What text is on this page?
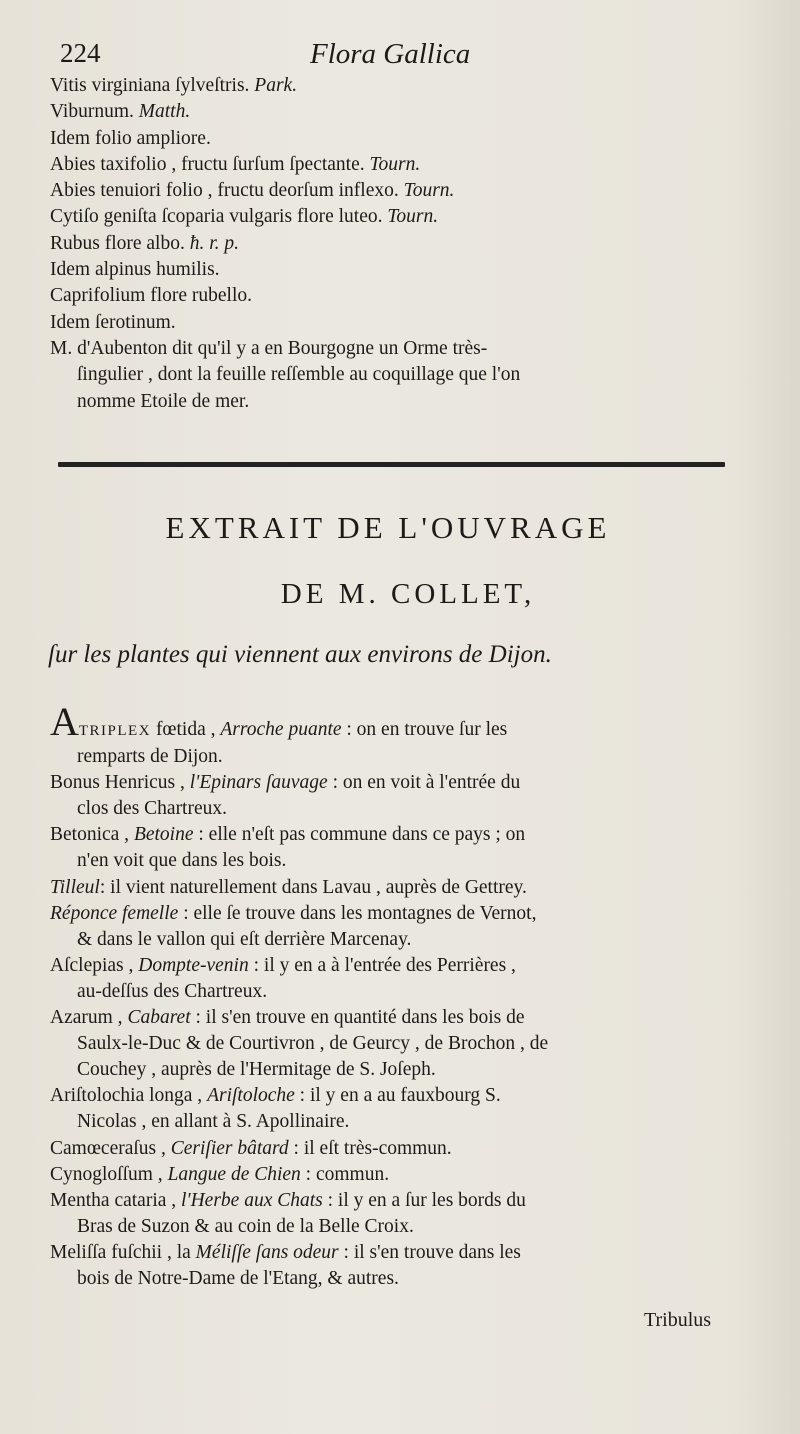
224	Flora Gallica
Vitis virginiana ſylveſtris. Park.
Viburnum. Matth.
Idem folio ampliore.
Abies taxifolio , fructu ſurſum ſpectante. Tourn.
Abies tenuiori folio , fructu deorſum inflexo. Tourn.
Cytiſo geniſta ſcoparia vulgaris flore luteo. Tourn.
Rubus flore albo. ħ. r. p.
Idem alpinus humilis.
Caprifolium flore rubello.
Idem ſerotinum.
M. d'Aubenton dit qu'il y a en Bourgogne un Orme très-
ſingulier , dont la feuille reſſemble au coquillage que l'on
nomme Etoile de mer.
EXTRAIT DE L'OUVRAGE
DE M. COLLET,
ſur les plantes qui viennent aux environs de Dijon.
ATRIPLEX fœtida , Arroche puante : on en trouve ſur les
remparts de Dijon.
Bonus Henricus , l'Epinars ſauvage : on en voit à l'entrée du
clos des Chartreux.
Betonica , Betoine : elle n'eſt pas commune dans ce pays ; on
n'en voit que dans les bois.
Tilleul: il vient naturellement dans Lavau , auprès de Gettrey.
Réponce femelle : elle ſe trouve dans les montagnes de Vernot,
& dans le vallon qui eſt derrière Marcenay.
Aſclepias , Dompte-venin : il y en a à l'entrée des Perrières ,
au-deſſus des Chartreux.
Azarum , Cabaret : il s'en trouve en quantité dans les bois de
Saulx-le-Duc & de Courtivron , de Geurcy , de Brochon , de
Couchey , auprès de l'Hermitage de S. Joſeph.
Ariſtolochia longa , Ariſtoloche : il y en a au fauxbourg S.
Nicolas , en allant à S. Apollinaire.
Camœceraſus , Ceriſier bâtard : il eſt très-commun.
Cynogloſſum , Langue de Chien : commun.
Mentha cataria , l'Herbe aux Chats : il y en a ſur les bords du
Bras de Suzon & au coin de la Belle Croix.
Meliſſa fuſchii , la Méliſſe ſans odeur : il s'en trouve dans les
bois de Notre-Dame de l'Etang, & autres.
Tribulus
